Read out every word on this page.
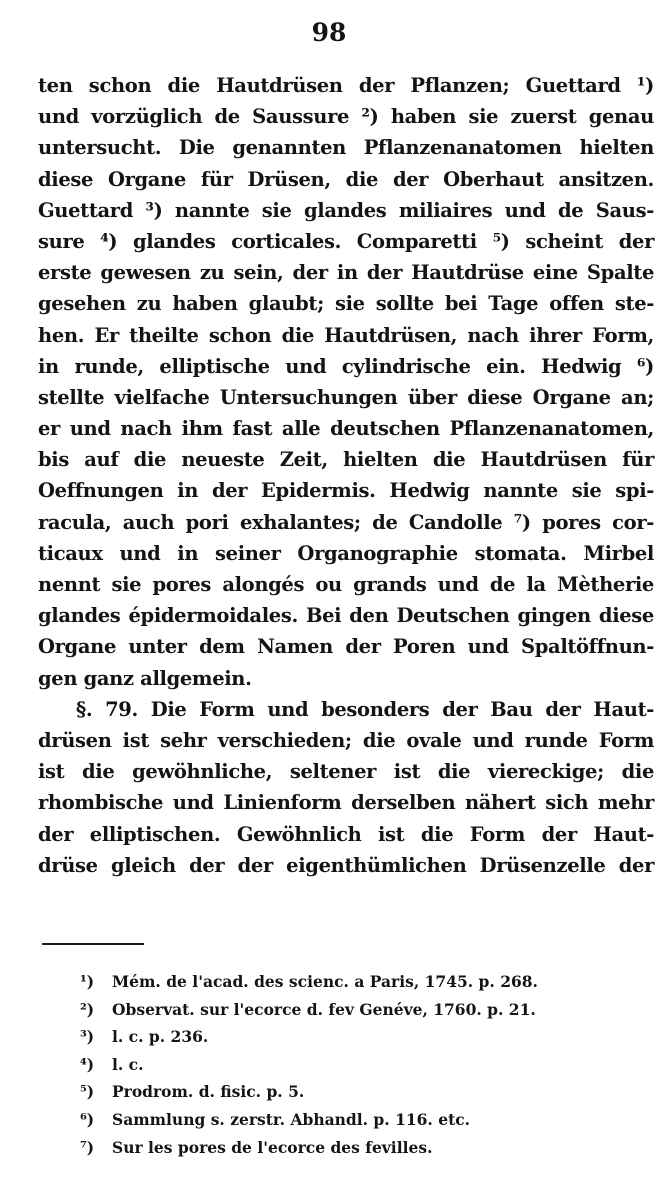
98
ten schon die Hautdrüsen der Pflanzen; Guettard ¹)
und vorzüglich de Saussure ²) haben sie zuerst genau
untersucht. Die genannten Pflanzenanatomen hielten
diese Organe für Drüsen, die der Oberhaut ansitzen.
Guettard ³) nannte sie glandes miliaires und de Saus-
sure ⁴) glandes corticales. Comparetti ⁵) scheint der
erste gewesen zu sein, der in der Hautdrüse eine Spalte
gesehen zu haben glaubt; sie sollte bei Tage offen ste-
hen. Er theilte schon die Hautdrüsen, nach ihrer Form,
in runde, elliptische und cylindrische ein. Hedwig ⁶)
stellte vielfache Untersuchungen über diese Organe an;
er und nach ihm fast alle deutschen Pflanzenanatomen,
bis auf die neueste Zeit, hielten die Hautdrüsen für
Oeffnungen in der Epidermis. Hedwig nannte sie spi-
racula, auch pori exhalantes; de Candolle ⁷) pores cor-
ticaux und in seiner Organographie stomata. Mirbel
nennt sie pores alongés ou grands und de la Mètherie
glandes épidermoidales. Bei den Deutschen gingen diese
Organe unter dem Namen der Poren und Spaltöffnun-
gen ganz allgemein.
§. 79. Die Form und besonders der Bau der Haut-
drüsen ist sehr verschieden; die ovale und runde Form
ist die gewöhnliche, seltener ist die viereckige; die
rhombische und Linienform derselben nähert sich mehr
der elliptischen. Gewöhnlich ist die Form der Haut-
drüse gleich der der eigenthümlichen Drüsenzelle der
¹) Mém. de l'acad. des scienc. a Paris, 1745. p. 268.
²) Observat. sur l'ecorce d. fev Genéve, 1760. p. 21.
³) l. c. p. 236.
⁴) l. c.
⁵) Prodrom. d. fisic. p. 5.
⁶) Sammlung s. zerstr. Abhandl. p. 116. etc.
⁷) Sur les pores de l'ecorce des fevilles.
